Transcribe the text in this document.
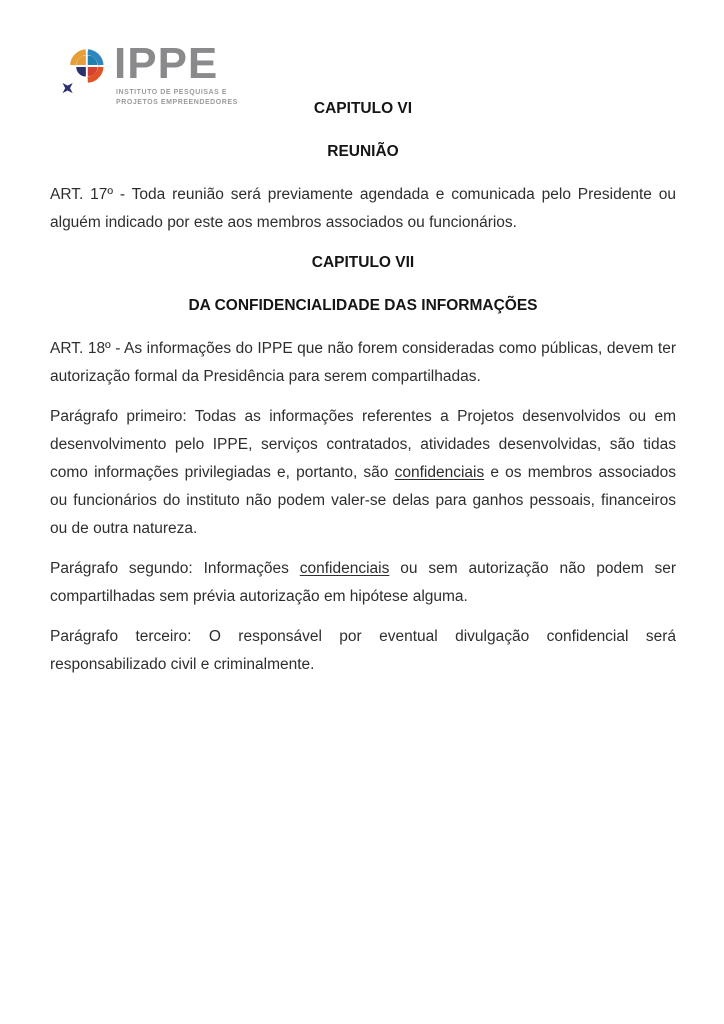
IPPE
INSTITUTO DE PESQUISAS E
PROJETOS EMPREENDEDORES	CAPITULO VI
REUNIÃO

ART. 17º - Toda reunião será previamente agendada e comunicada pelo Presidente ou alguém indicado por este aos membros associados ou funcionários.

CAPITULO VII
DA CONFIDENCIALIDADE DAS INFORMAÇÕES

ART. 18º - As informações do IPPE que não forem consideradas como públicas, devem ter autorização formal da Presidência para serem compartilhadas.

Parágrafo primeiro: Todas as informações referentes a Projetos desenvolvidos ou em desenvolvimento pelo IPPE, serviços contratados, atividades desenvolvidas, são tidas como informações privilegiadas e, portanto, são confidenciais e os membros associados ou funcionários do instituto não podem valer-se delas para ganhos pessoais, financeiros ou de outra natureza.

Parágrafo segundo: Informações confidenciais ou sem autorização não podem ser compartilhadas sem prévia autorização em hipótese alguma.

Parágrafo terceiro: O responsável por eventual divulgação confidencial será responsabilizado civil e criminalmente.
